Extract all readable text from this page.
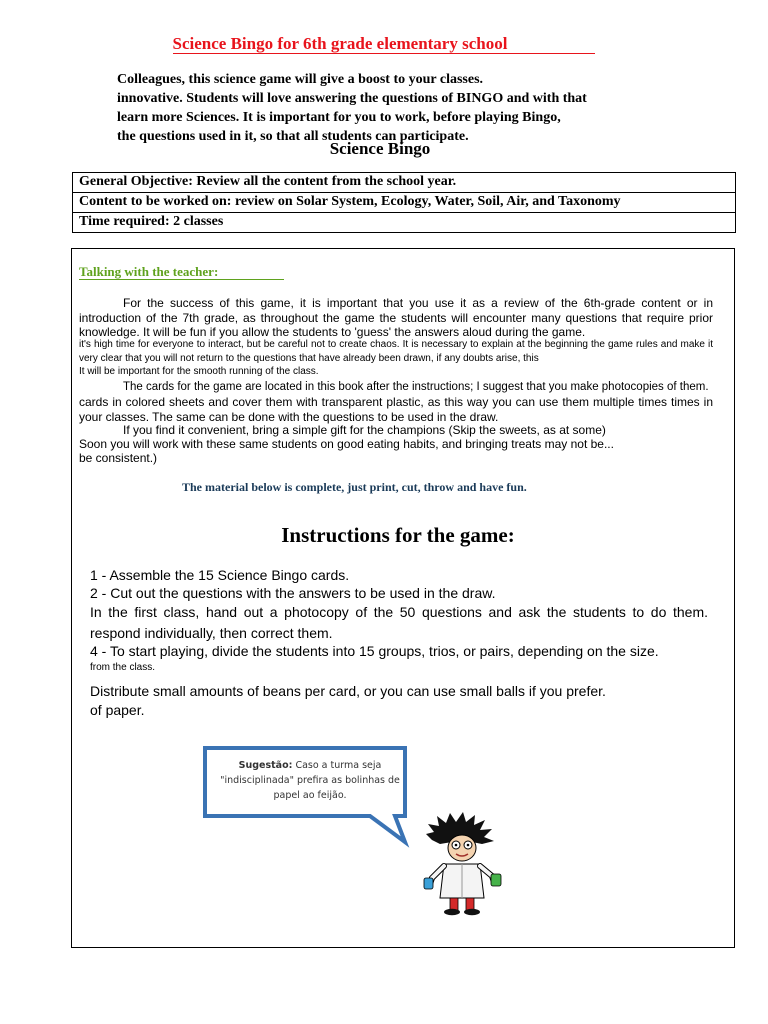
Science Bingo for 6th grade elementary school
Colleagues, this science game will give a boost to your classes.
innovative. Students will love answering the questions of BINGO and with that
learn more Sciences. It is important for you to work, before playing Bingo,
the questions used in it, so that all students can participate.
Science Bingo
General Objective: Review all the content from the school year.
Content to be worked on: review on Solar System, Ecology, Water, Soil, Air, and Taxonomy
Time required: 2 classes
Talking with the teacher:
For the success of this game, it is important that you use it as a review of the 6th-grade content or in introduction of the 7th grade, as throughout the game the students will encounter many questions that require prior knowledge. It will be fun if you allow the students to 'guess' the answers aloud during the game.
it's high time for everyone to interact, but be careful not to create chaos. It is necessary to explain at the beginning the game rules and make it very clear that you will not return to the questions that have already been drawn, if any doubts arise, this
It will be important for the smooth running of the class.
The cards for the game are located in this book after the instructions; I suggest that you make photocopies of them.
cards in colored sheets and cover them with transparent plastic, as this way you can use them multiple times times in your classes. The same can be done with the questions to be used in the draw.
If you find it convenient, bring a simple gift for the champions (Skip the sweets, as at some)
Soon you will work with these same students on good eating habits, and bringing treats may not be...
be consistent.)
The material below is complete, just print, cut, throw and have fun.
Instructions for the game:
1 - Assemble the 15 Science Bingo cards.
2 - Cut out the questions with the answers to be used in the draw.
In the first class, hand out a photocopy of the 50 questions and ask the students to do them.
respond individually, then correct them.
4 - To start playing, divide the students into 15 groups, trios, or pairs, depending on the size.
from the class.
Distribute small amounts of beans per card, or you can use small balls if you prefer.
of paper.
Sugestão: Caso a turma seja
"indisciplinada" prefira as bolinhas de
papel ao feijão.
